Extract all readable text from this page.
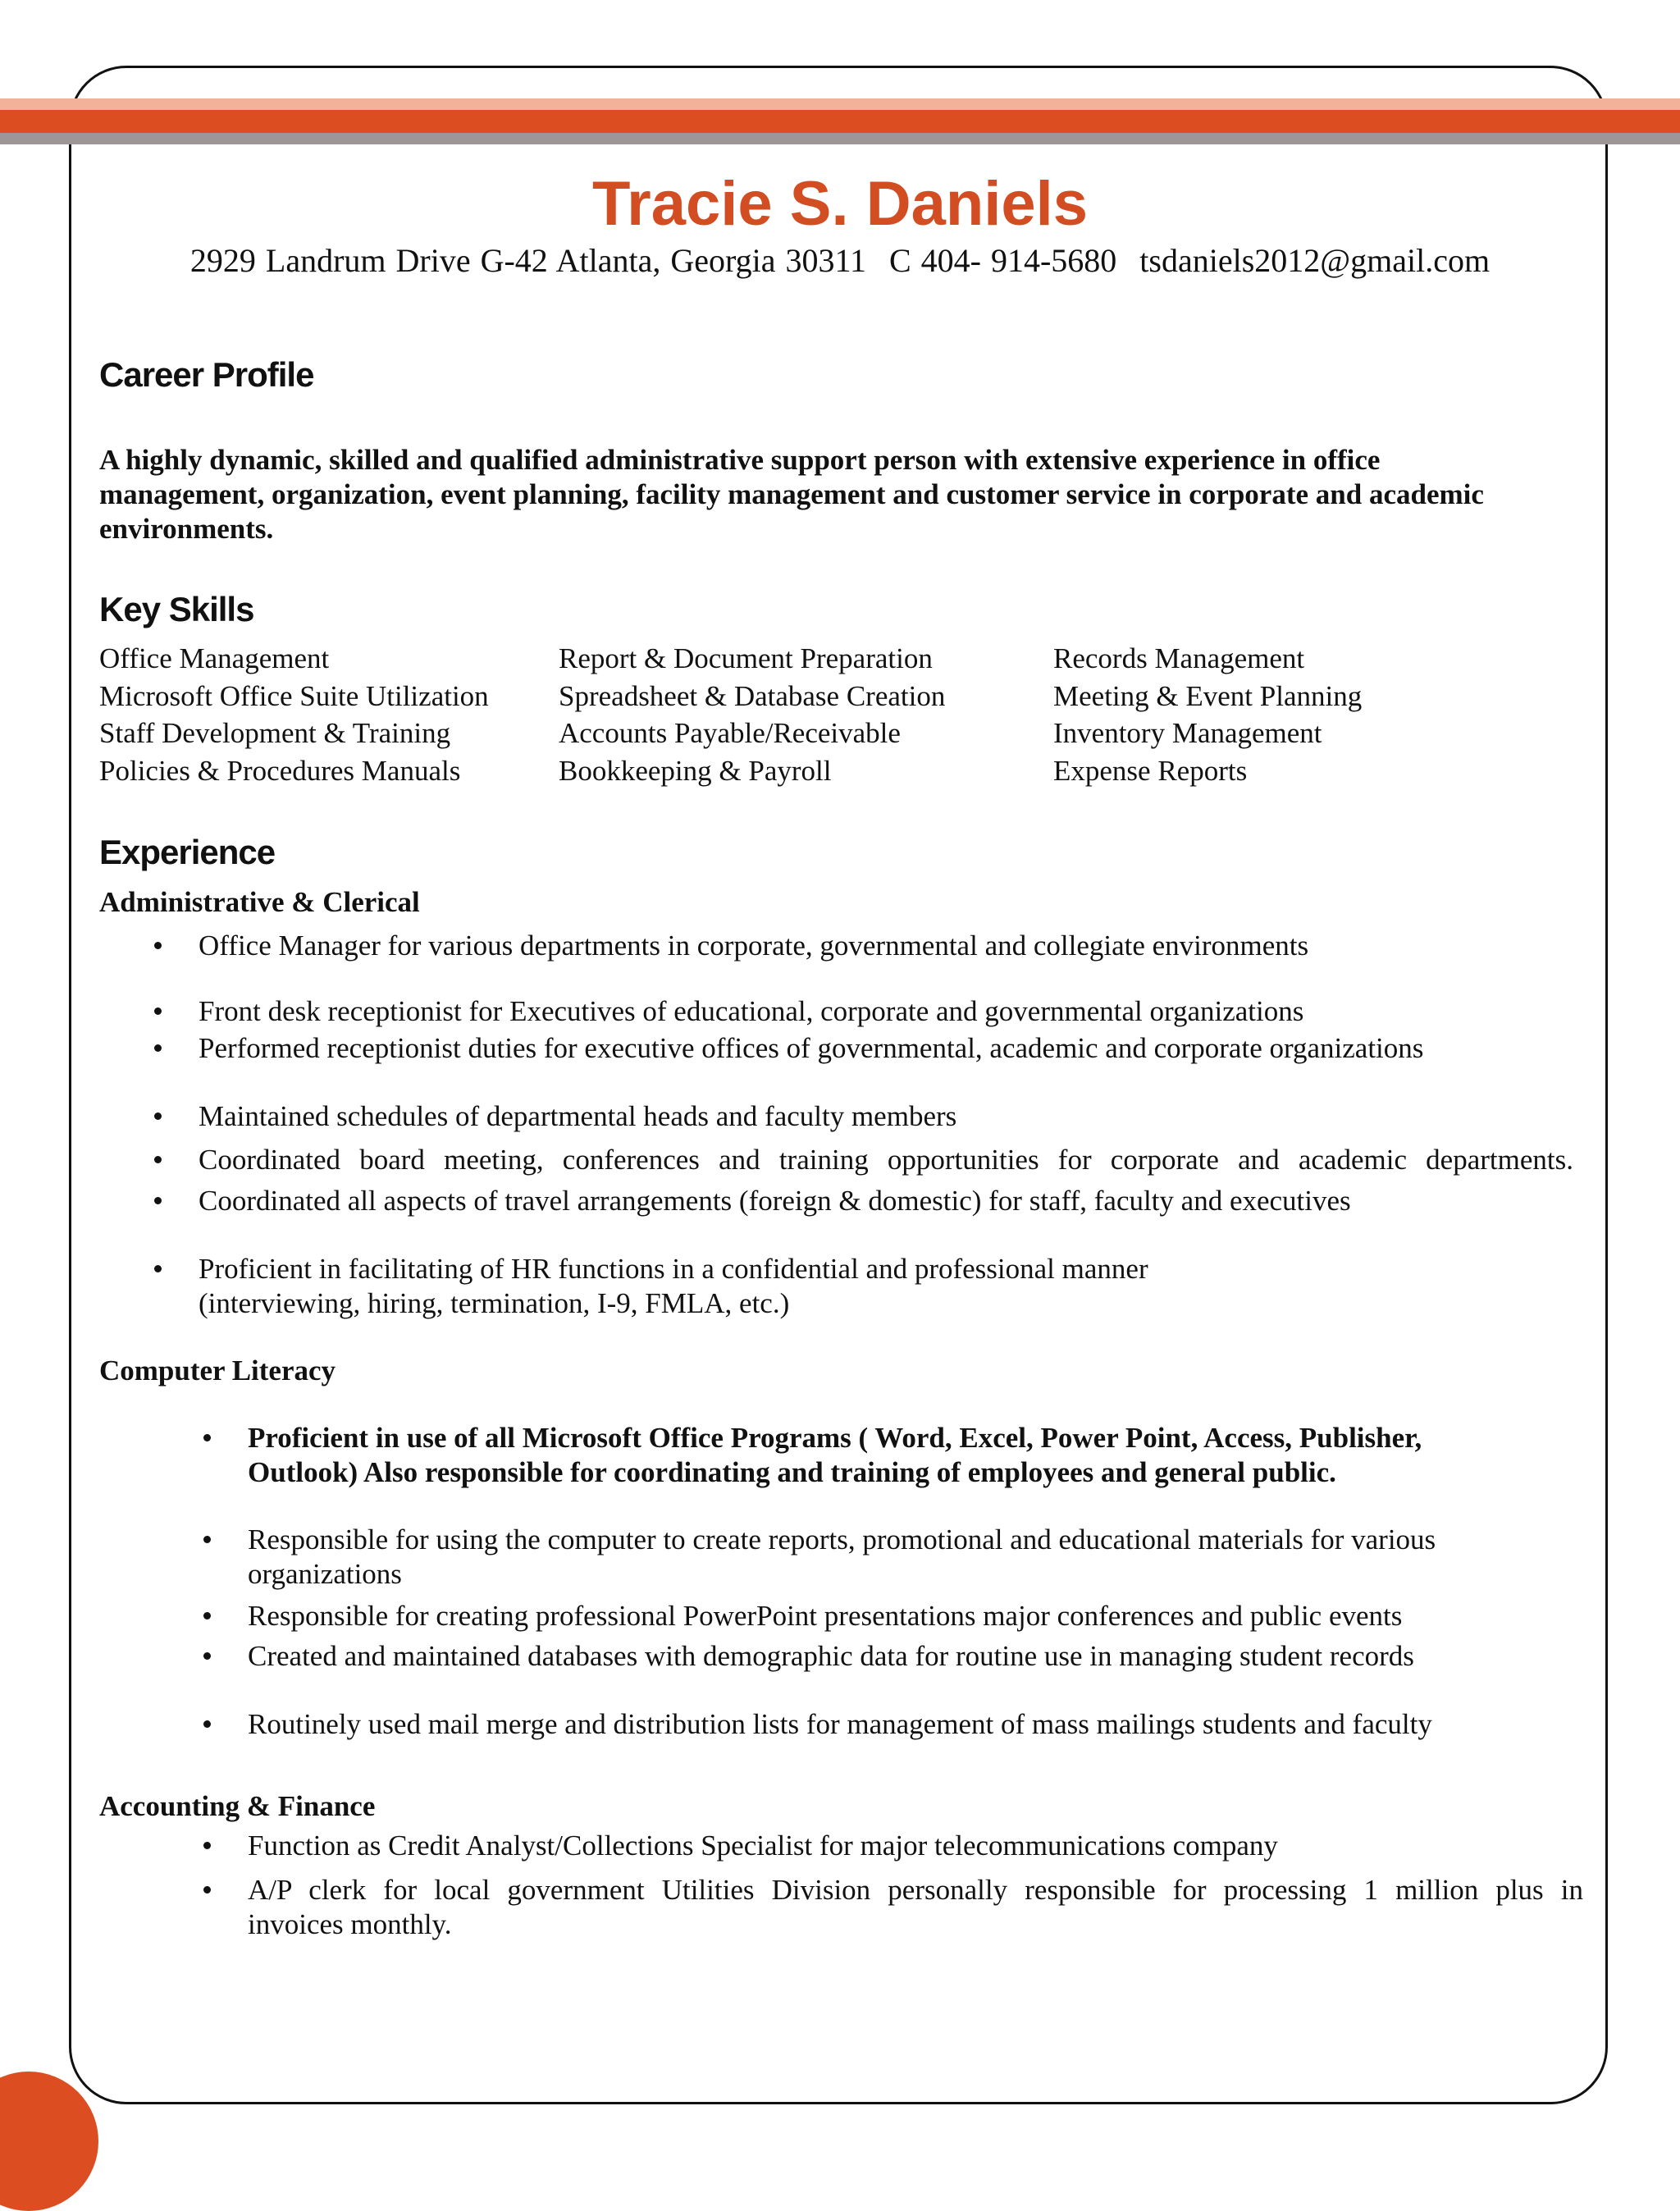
Tracie S. Daniels
2929 Landrum Drive G-42 Atlanta, Georgia 30311 C 404- 914-5680 tsdaniels2012@gmail.com
Career Profile

A highly dynamic, skilled and qualified administrative support person with extensive experience in office
management, organization, event planning, facility management and customer service in corporate and academic
environments.

Key Skills
Office Management
Microsoft Office Suite Utilization
Staff Development & Training
Policies & Procedures Manuals
Report & Document Preparation
Spreadsheet & Database Creation
Accounts Payable/Receivable
Bookkeeping & Payroll
Records Management
Meeting & Event Planning
Inventory Management
Expense Reports
Experience
Administrative & Clerical
Office Manager for various departments in corporate, governmental and collegiate environments
Front desk receptionist for Executives of educational, corporate and governmental organizations
Performed receptionist duties for executive offices of governmental, academic and corporate organizations
Maintained schedules of departmental heads and faculty members
Coordinated board meeting, conferences and training opportunities for corporate and academic departments.
Coordinated all aspects of travel arrangements (foreign & domestic) for staff, faculty and executives
Proficient in facilitating of HR functions in a confidential and professional manner
(interviewing, hiring, termination, I-9, FMLA, etc.)
Computer Literacy
Proficient in use of all Microsoft Office Programs ( Word, Excel, Power Point, Access, Publisher,
Outlook) Also responsible for coordinating and training of employees and general public.
Responsible for using the computer to create reports, promotional and educational materials for various
organizations
Responsible for creating professional PowerPoint presentations major conferences and public events
Created and maintained databases with demographic data for routine use in managing student records
Routinely used mail merge and distribution lists for management of mass mailings students and faculty
Accounting & Finance
Function as Credit Analyst/Collections Specialist for major telecommunications company
A/P clerk for local government Utilities Division personally responsible for processing 1 million plus in
invoices monthly.
